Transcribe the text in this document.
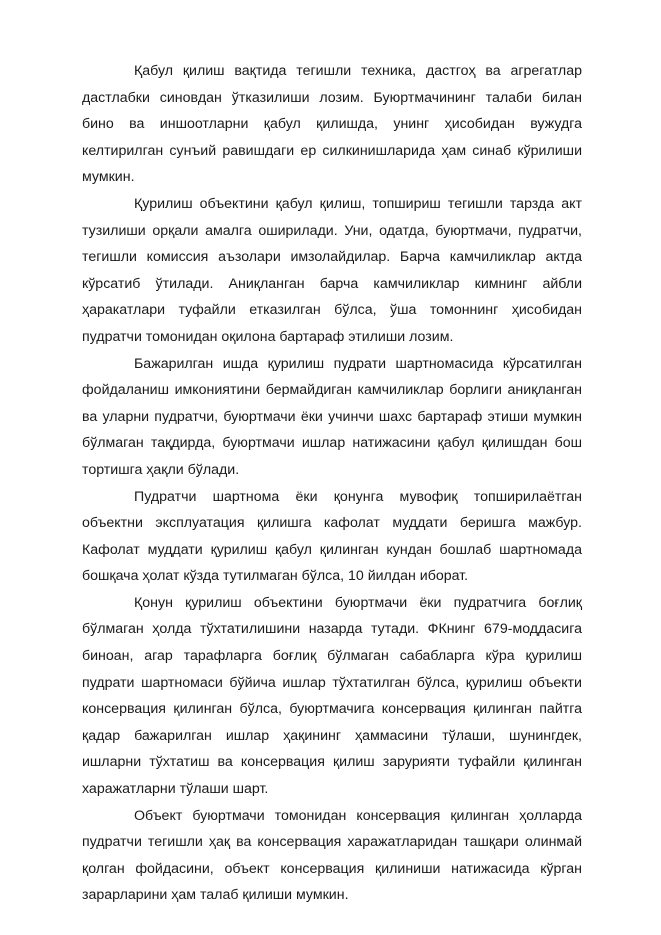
Қабул қилиш вақтида тегишли техника, дастгоҳ ва агрегатлар дастлабки синовдан ўтказилиши лозим. Буюртмачининг талаби билан бино ва иншоотларни қабул қилишда, унинг ҳисобидан вужудга келтирилган сунъий равишдаги ер силкинишларида ҳам синаб кўрилиши мумкин.

Қурилиш объектини қабул қилиш, топшириш тегишли тарзда акт тузилиши орқали амалга оширилади. Уни, одатда, буюртмачи, пудратчи, тегишли комиссия аъзолари имзолайдилар. Барча камчиликлар актда кўрсатиб ўтилади. Аниқланган барча камчиликлар кимнинг айбли ҳаракатлари туфайли етказилган бўлса, ўша томоннинг ҳисобидан пудратчи томонидан оқилона бартараф этилиши лозим.

Бажарилган ишда қурилиш пудрати шартномасида кўрсатилган фойдаланиш имкониятини бермайдиган камчиликлар борлиги аниқланган ва уларни пудратчи, буюртмачи ёки учинчи шахс бартараф этиши мумкин бўлмаган тақдирда, буюртмачи ишлар натижасини қабул қилишдан бош тортишга ҳақли бўлади.

Пудратчи шартнома ёки қонунга мувофиқ топширилаётган объектни эксплуатация қилишга кафолат муддати беришга мажбур. Кафолат муддати қурилиш қабул қилинган кундан бошлаб шартномада бошқача ҳолат кўзда тутилмаган бўлса, 10 йилдан иборат.

Қонун қурилиш объектини буюртмачи ёки пудратчига боғлиқ бўлмаган ҳолда тўхтатилишини назарда тутади. ФКнинг 679-моддасига биноан, агар тарафларга боғлиқ бўлмаган сабабларга кўра қурилиш пудрати шартномаси бўйича ишлар тўхтатилган бўлса, қурилиш объекти консервация қилинган бўлса, буюртмачига консервация қилинган пайтга қадар бажарилган ишлар ҳақининг ҳаммасини тўлаши, шунингдек, ишларни тўхтатиш ва консервация қилиш зарурияти туфайли қилинган харажатларни тўлаши шарт.

Объект буюртмачи томонидан консервация қилинган ҳолларда пудратчи тегишли ҳақ ва консервация харажатларидан ташқари олинмай қолган фойдасини, объект консервация қилиниши натижасида кўрган зарарларини ҳам талаб қилиши мумкин.
